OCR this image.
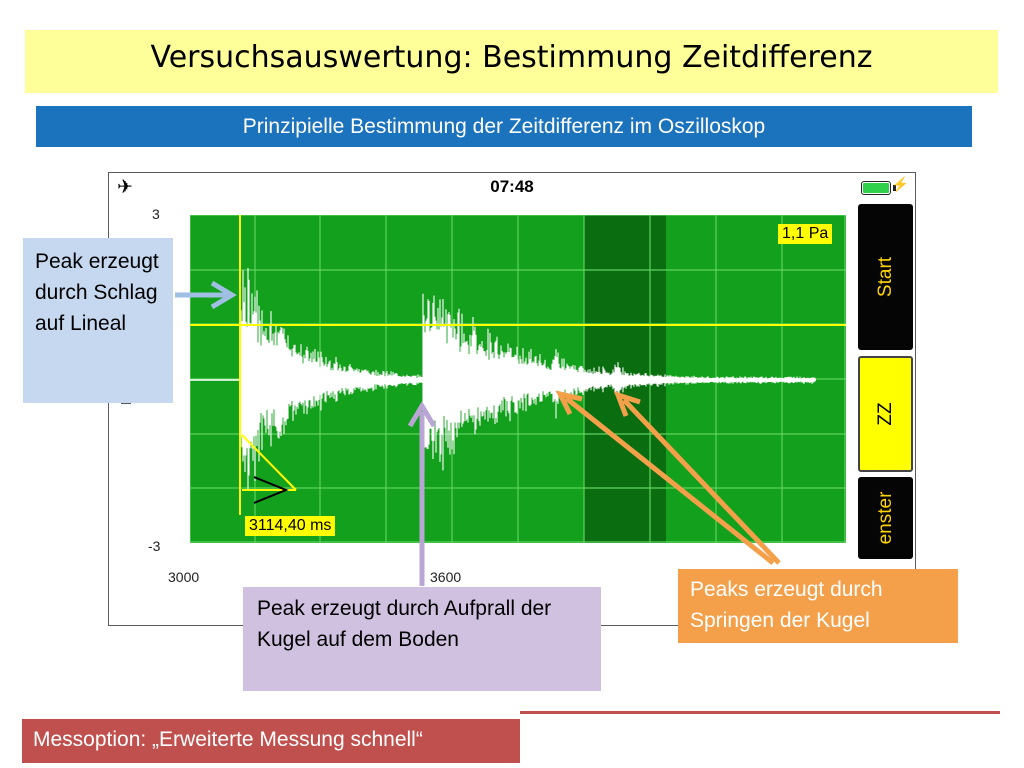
Versuchsauswertung: Bestimmung Zeitdifferenz
Prinzipielle Bestimmung der Zeitdifferenz im Oszilloskop
✈	07:48	⚡
3
-3
3000	3600
1,1 Pa
3114,40 ms
Start
ZZ
enster
Peak erzeugt durch Schlag auf Lineal
Peak erzeugt durch Aufprall der Kugel auf dem Boden
Peaks erzeugt durch Springen der Kugel
Messoption: „Erweiterte Messung schnell“
